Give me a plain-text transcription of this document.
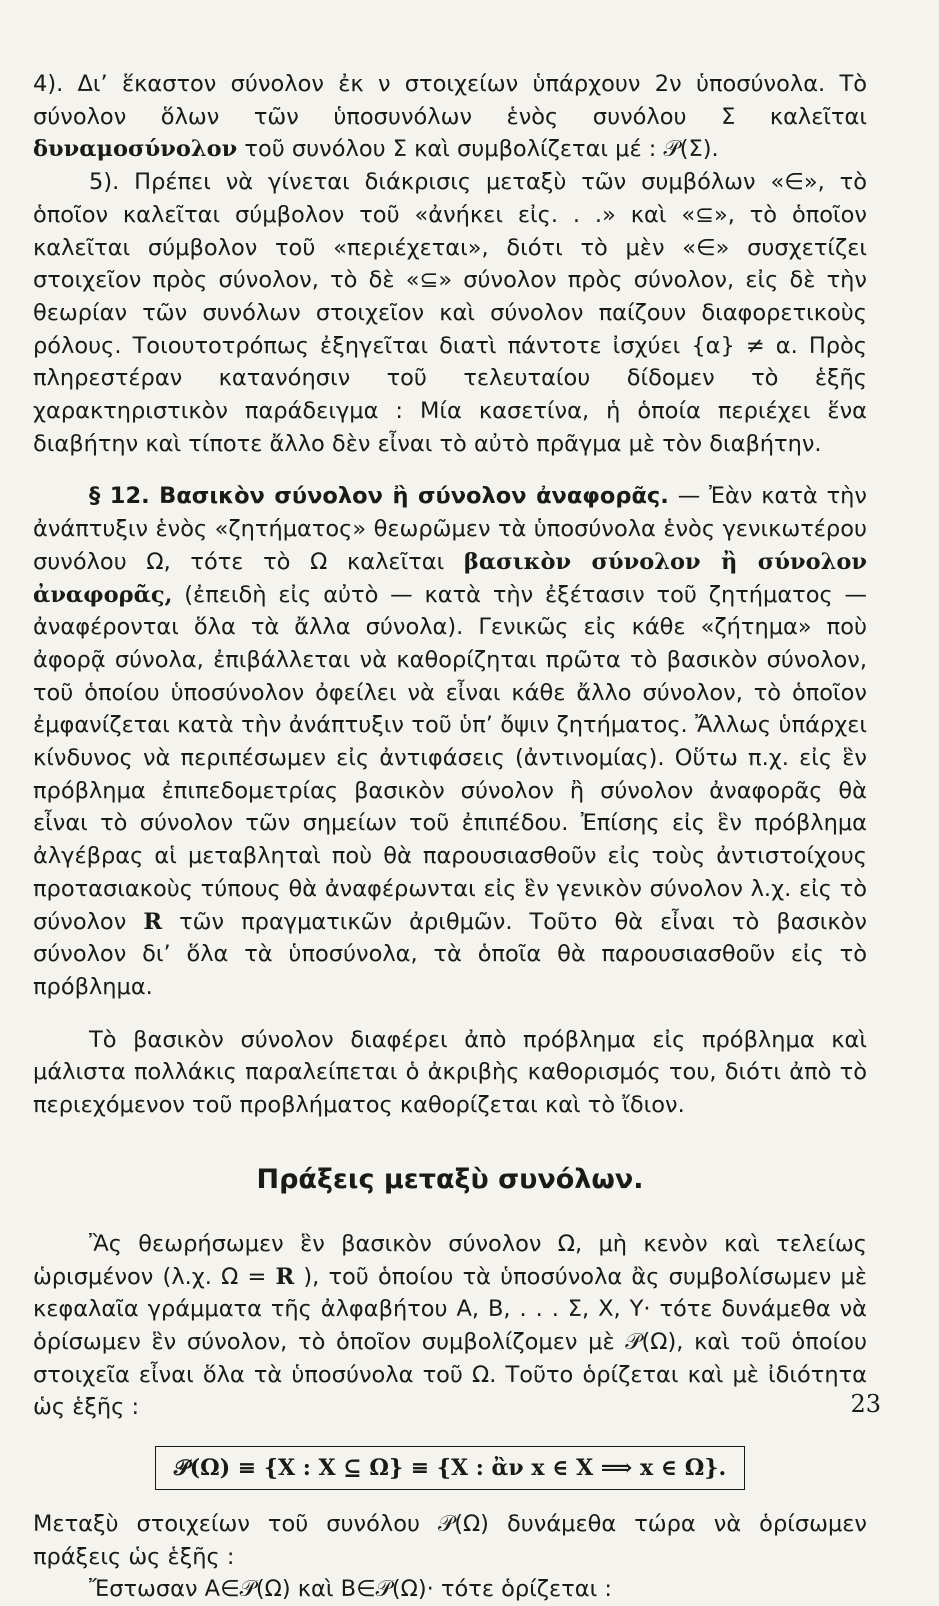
4). Δι’ ἕκαστον σύνολον ἐκ ν στοιχείων ὑπάρχουν 2ν ὑποσύνολα. Τὸ σύνολον ὅλων τῶν ὑποσυνόλων ἑνὸς συνόλου Σ καλεῖται δυναμοσύνολον τοῦ συνόλου Σ καὶ συμβολίζεται μέ : 𝒫(Σ).

5). Πρέπει νὰ γίνεται διάκρισις μεταξὺ τῶν συμβόλων «∈», τὸ ὁποῖον καλεῖται σύμβολον τοῦ «ἀνήκει εἰς. . .» καὶ «⊆», τὸ ὁποῖον καλεῖται σύμβολον τοῦ «περιέχεται», διότι τὸ μὲν «∈» συσχετίζει στοιχεῖον πρὸς σύνολον, τὸ δὲ «⊆» σύνολον πρὸς σύνολον, εἰς δὲ τὴν θεωρίαν τῶν συνόλων στοιχεῖον καὶ σύνολον παίζουν διαφορετικοὺς ρόλους. Τοιουτοτρόπως ἐξηγεῖται διατὶ πάντοτε ἰσχύει {α} ≠ α. Πρὸς πληρεστέραν κατανόησιν τοῦ τελευταίου δίδομεν τὸ ἑξῆς χαρακτηριστικὸν παράδειγμα : Μία κασετίνα, ἡ ὁποία περιέχει ἕνα διαβήτην καὶ τίποτε ἄλλο δὲν εἶναι τὸ αὐτὸ πρᾶγμα μὲ τὸν διαβήτην.

§ 12. Βασικὸν σύνολον ἢ σύνολον ἀναφορᾶς. — Ἐὰν κατὰ τὴν ἀνάπτυξιν ἑνὸς «ζητήματος» θεωρῶμεν τὰ ὑποσύνολα ἑνὸς γενικωτέρου συνόλου Ω, τότε τὸ Ω καλεῖται βασικὸν σύνολον ἢ σύνολον ἀναφορᾶς, (ἐπειδὴ εἰς αὐτὸ — κατὰ τὴν ἐξέτασιν τοῦ ζητήματος — ἀναφέρονται ὅλα τὰ ἄλλα σύνολα). Γενικῶς εἰς κάθε «ζήτημα» ποὺ ἀφορᾷ σύνολα, ἐπιβάλλεται νὰ καθορίζηται πρῶτα τὸ βασικὸν σύνολον, τοῦ ὁποίου ὑποσύνολον ὀφείλει νὰ εἶναι κάθε ἄλλο σύνολον, τὸ ὁποῖον ἐμφανίζεται κατὰ τὴν ἀνάπτυξιν τοῦ ὑπ’ ὄψιν ζητήματος. Ἄλλως ὑπάρχει κίνδυνος νὰ περιπέσωμεν εἰς ἀντιφάσεις (ἀντινομίας). Οὕτω π.χ. εἰς ἓν πρόβλημα ἐπιπεδομετρίας βασικὸν σύνολον ἢ σύνολον ἀναφορᾶς θὰ εἶναι τὸ σύνολον τῶν σημείων τοῦ ἐπιπέδου. Ἐπίσης εἰς ἓν πρόβλημα ἀλγέβρας αἱ μεταβληταὶ ποὺ θὰ παρουσιασθοῦν εἰς τοὺς ἀντιστοίχους προτασιακοὺς τύπους θὰ ἀναφέρωνται εἰς ἓν γενικὸν σύνολον λ.χ. εἰς τὸ σύνολον R τῶν πραγματικῶν ἀριθμῶν. Τοῦτο θὰ εἶναι τὸ βασικὸν σύνολον δι’ ὅλα τὰ ὑποσύνολα, τὰ ὁποῖα θὰ παρουσιασθοῦν εἰς τὸ πρόβλημα.

Τὸ βασικὸν σύνολον διαφέρει ἀπὸ πρόβλημα εἰς πρόβλημα καὶ μάλιστα πολλάκις παραλείπεται ὁ ἀκριβὴς καθορισμός του, διότι ἀπὸ τὸ περιεχόμενον τοῦ προβλήματος καθορίζεται καὶ τὸ ἴδιον.

Πράξεις μεταξὺ συνόλων.

Ἂς θεωρήσωμεν ἓν βασικὸν σύνολον Ω, μὴ κενὸν καὶ τελείως ὡρισμένον (λ.χ. Ω = R ), τοῦ ὁποίου τὰ ὑποσύνολα ἂς συμβολίσωμεν μὲ κεφαλαῖα γράμματα τῆς ἀλφαβήτου Α, Β, . . . Σ, Χ, Υ· τότε δυνάμεθα νὰ ὁρίσωμεν ἓν σύνολον, τὸ ὁποῖον συμβολίζομεν μὲ 𝒫(Ω), καὶ τοῦ ὁποίου στοιχεῖα εἶναι ὅλα τὰ ὑποσύνολα τοῦ Ω. Τοῦτο ὁρίζεται καὶ μὲ ἰδιότητα ὡς ἑξῆς :

𝒫(Ω) ≡ {Χ : Χ ⊆ Ω} ≡ {Χ : ἂν x ∈ Χ ⟹ x ∈ Ω}.

Μεταξὺ στοιχείων τοῦ συνόλου 𝒫(Ω) δυνάμεθα τώρα νὰ ὁρίσωμεν πράξεις ὡς ἑξῆς :

Ἔστωσαν Α∈𝒫(Ω) καὶ Β∈𝒫(Ω)· τότε ὁρίζεται :

23
